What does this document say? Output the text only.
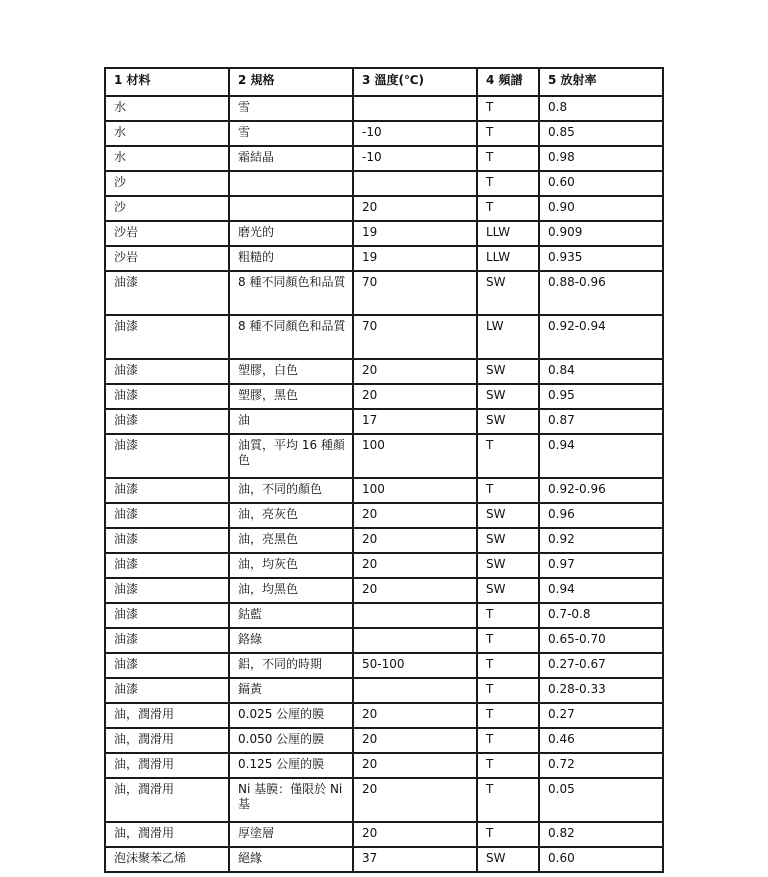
1 材料	2 規格	3 溫度(℃)	4 頻譜	5 放射率
水	雪		T	0.8
水	雪	-10	T	0.85
水	霜結晶	-10	T	0.98
沙			T	0.60
沙		20	T	0.90
沙岩	磨光的	19	LLW	0.909
沙岩	粗糙的	19	LLW	0.935
油漆	8 種不同顏色和品質	70	SW	0.88-0.96
油漆	8 種不同顏色和品質	70	LW	0.92-0.94
油漆	塑膠，白色	20	SW	0.84
油漆	塑膠，黑色	20	SW	0.95
油漆	油	17	SW	0.87
油漆	油質，平均 16 種顏色	100	T	0.94
油漆	油，不同的顏色	100	T	0.92-0.96
油漆	油，亮灰色	20	SW	0.96
油漆	油，亮黑色	20	SW	0.92
油漆	油，均灰色	20	SW	0.97
油漆	油，均黑色	20	SW	0.94
油漆	鈷藍		T	0.7-0.8
油漆	鉻綠		T	0.65-0.70
油漆	鋁，不同的時期	50-100	T	0.27-0.67
油漆	鎘黃		T	0.28-0.33
油，潤滑用	0.025 公厘的膜	20	T	0.27
油，潤滑用	0.050 公厘的膜	20	T	0.46
油，潤滑用	0.125 公厘的膜	20	T	0.72
油，潤滑用	Ni 基膜：僅限於 Ni 基	20	T	0.05
油，潤滑用	厚塗層	20	T	0.82
泡沫聚苯乙烯	絕緣	37	SW	0.60
